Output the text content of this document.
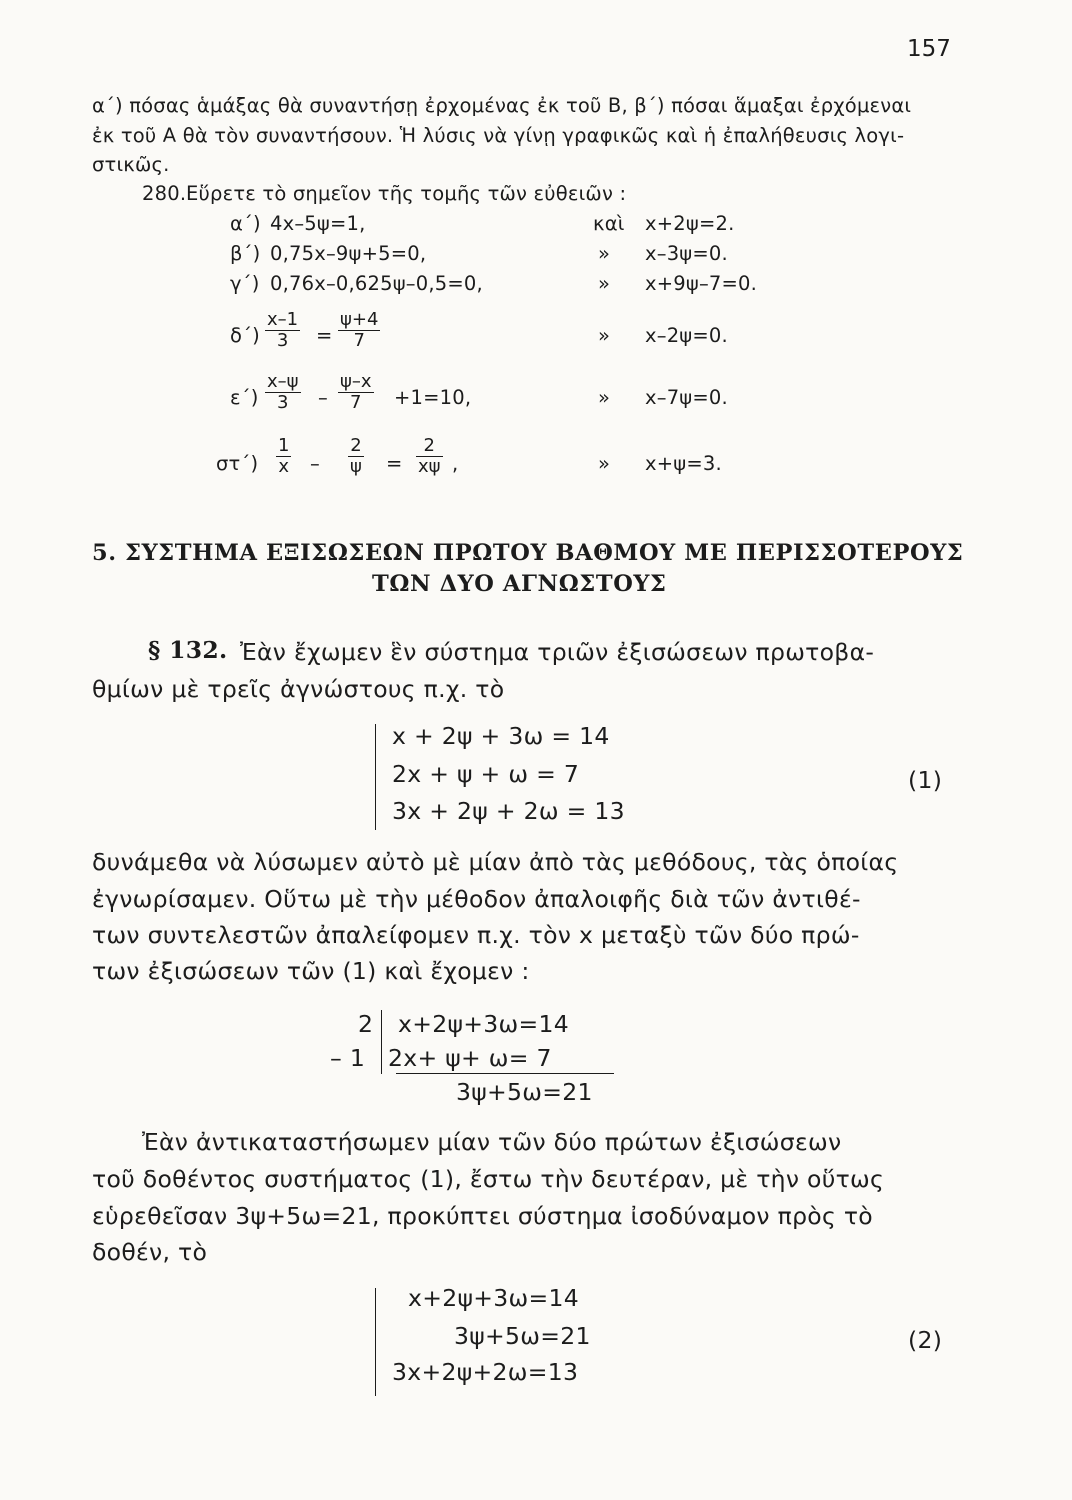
157
α΄) πόσας ἁμάξας θὰ συναντήσῃ ἐρχομένας ἐκ τοῦ Β, β΄) πόσαι ἅμαξαι ἐρχόμεναι
ἐκ τοῦ Α θὰ τὸν συναντήσουν. Ἡ λύσις νὰ γίνῃ γραφικῶς καὶ ἡ ἐπαλήθευσις λογι-
στικῶς.
280. Εὕρετε τὸ σημεῖον τῆς τομῆς τῶν εὐθειῶν :
α΄) 4x–5ψ=1,	καὶ x+2ψ=2.
β΄) 0,75x–9ψ+5=0,	» x–3ψ=0.
γ΄) 0,76x–0,625ψ–0,5=0,	» x+9ψ–7=0.
$\delta΄) \frac{x-1}{3} = \frac{\psi+4}{7}$	» x–2ψ=0.
$\varepsilon΄) \frac{x-\psi}{3} - \frac{\psi-x}{7} +1=10$,	» x–7ψ=0.
$\sigma\tau΄) \frac{1}{x} - \frac{2}{\psi} = \frac{2}{x\psi}$ ,	» x+ψ=3.
5. ΣΥΣΤΗΜΑ ΕΞΙΣΩΣΕΩΝ ΠΡΩΤΟΥ ΒΑΘΜΟΥ ΜΕ ΠΕΡΙΣΣΟΤΕΡΟΥΣ
ΤΩΝ ΔΥΟ ΑΓΝΩΣΤΟΥΣ
§ 132. Ἐὰν ἔχωμεν ἓν σύστημα τριῶν ἐξισώσεων πρωτοβα-
θμίων μὲ τρεῖς ἀγνώστους π.χ. τὸ
x + 2ψ + 3ω = 14
2x + ψ + ω = 7
3x + 2ψ + 2ω = 13
(1)
δυνάμεθα νὰ λύσωμεν αὐτὸ μὲ μίαν ἀπὸ τὰς μεθόδους, τὰς ὁποίας
ἐγνωρίσαμεν. Οὕτω μὲ τὴν μέθοδον ἀπαλοιφῆς διὰ τῶν ἀντιθέ-
των συντελεστῶν ἀπαλείφομεν π.χ. τὸν x μεταξὺ τῶν δύο πρώ-
των ἐξισώσεων τῶν (1) καὶ ἔχομεν :
2
– 1
x+2ψ+3ω=14
2x+ ψ+ ω= 7
3ψ+5ω=21
Ἐὰν ἀντικαταστήσωμεν μίαν τῶν δύο πρώτων ἐξισώσεων
τοῦ δοθέντος συστήματος (1), ἔστω τὴν δευτέραν, μὲ τὴν οὕτως
εὑρεθεῖσαν 3ψ+5ω=21, προκύπτει σύστημα ἰσοδύναμον πρὸς τὸ
δοθέν, τὸ
x+2ψ+3ω=14
3ψ+5ω=21
3x+2ψ+2ω=13
(2)
